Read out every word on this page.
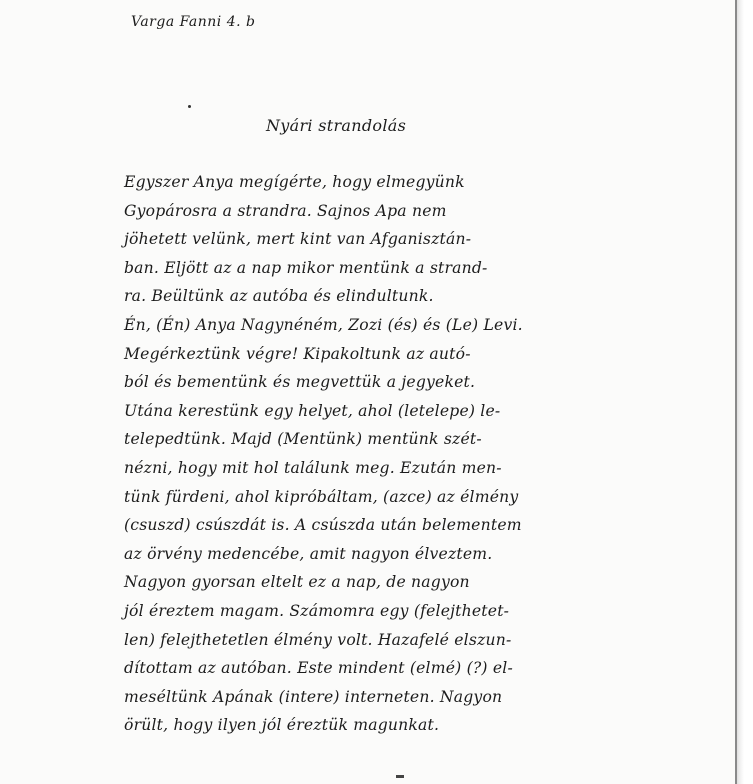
Varga Fanni 4. b
Nyári strandolás
Egyszer Anya megígérte, hogy elmegyünk
Gyopárosra a strandra. Sajnos Apa nem
jöhetett velünk, mert kint van Afganisztán-
ban. Eljött az a nap mikor mentünk a strand-
ra. Beültünk az autóba és elindultunk.
Én, (Én) Anya Nagynéném, Zozi (és) és (Le) Levi.
Megérkeztünk végre! Kipakoltunk az autó-
ból és bementünk és megvettük a jegyeket.
Utána kerestünk egy helyet, ahol (letelepe) le-
telepedtünk. Majd (Mentünk) mentünk szét-
nézni, hogy mit hol találunk meg. Ezután men-
tünk fürdeni, ahol kipróbáltam, (azce) az élmény
(csuszd) csúszdát is. A csúszda után belementem
az örvény medencébe, amit nagyon élveztem.
Nagyon gyorsan eltelt ez a nap, de nagyon
jól éreztem magam. Számomra egy (felejthetet-
len) felejthetetlen élmény volt. Hazafelé elszun-
dítottam az autóban. Este mindent (elmé) (?) el-
meséltünk Apának (intere) interneten. Nagyon
örült, hogy ilyen jól éreztük magunkat.
